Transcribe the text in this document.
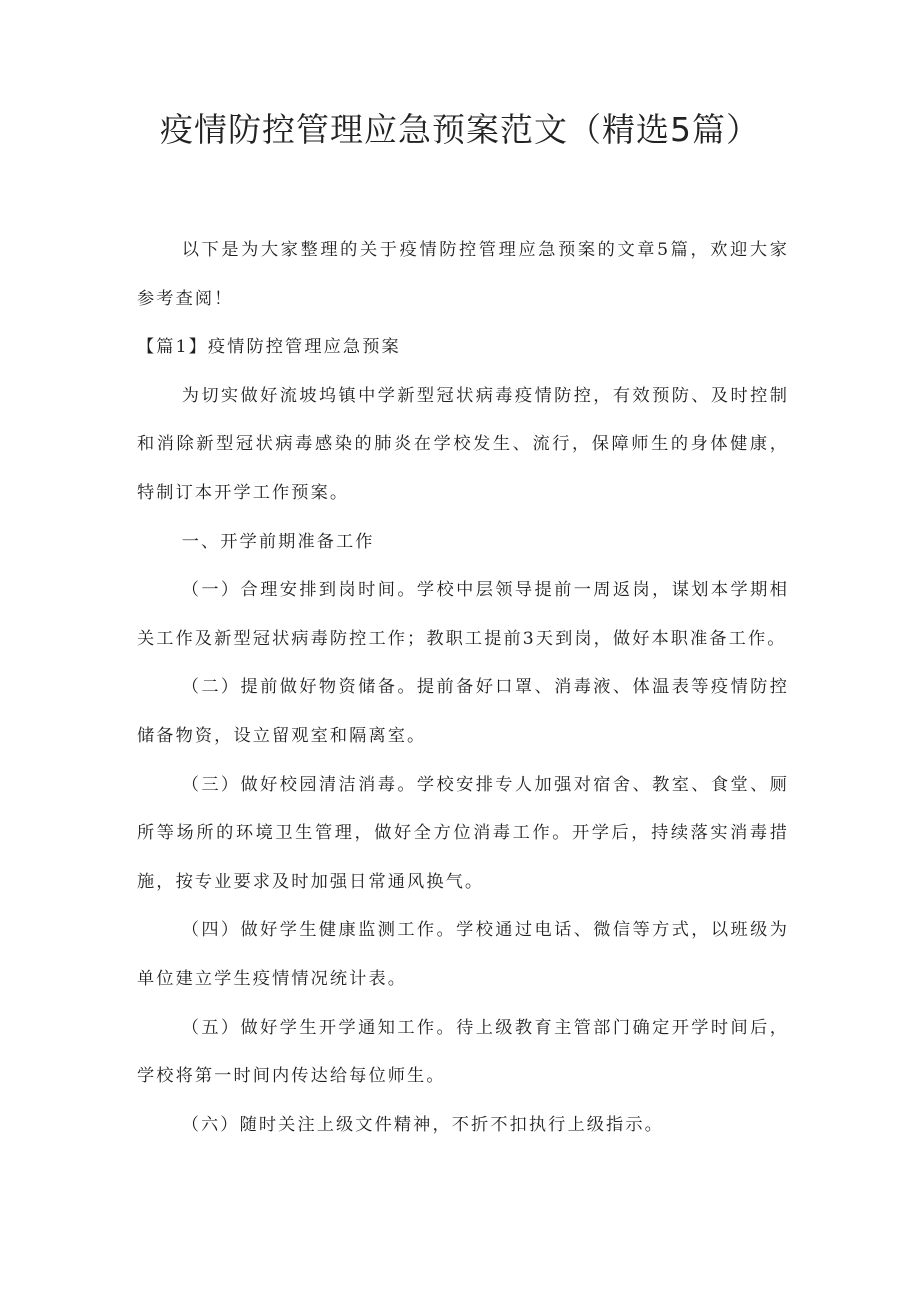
疫情防控管理应急预案范文（精选5篇）

以下是为大家整理的关于疫情防控管理应急预案的文章5篇，欢迎大家参考查阅！

【篇1】疫情防控管理应急预案

为切实做好流坡坞镇中学新型冠状病毒疫情防控，有效预防、及时控制和消除新型冠状病毒感染的肺炎在学校发生、流行，保障师生的身体健康，特制订本开学工作预案。

一、开学前期准备工作

（一）合理安排到岗时间。学校中层领导提前一周返岗，谋划本学期相关工作及新型冠状病毒防控工作；教职工提前3天到岗，做好本职准备工作。

（二）提前做好物资储备。提前备好口罩、消毒液、体温表等疫情防控储备物资，设立留观室和隔离室。

（三）做好校园清洁消毒。学校安排专人加强对宿舍、教室、食堂、厕所等场所的环境卫生管理，做好全方位消毒工作。开学后，持续落实消毒措施，按专业要求及时加强日常通风换气。

（四）做好学生健康监测工作。学校通过电话、微信等方式，以班级为单位建立学生疫情情况统计表。

（五）做好学生开学通知工作。待上级教育主管部门确定开学时间后，学校将第一时间内传达给每位师生。

（六）随时关注上级文件精神，不折不扣执行上级指示。
